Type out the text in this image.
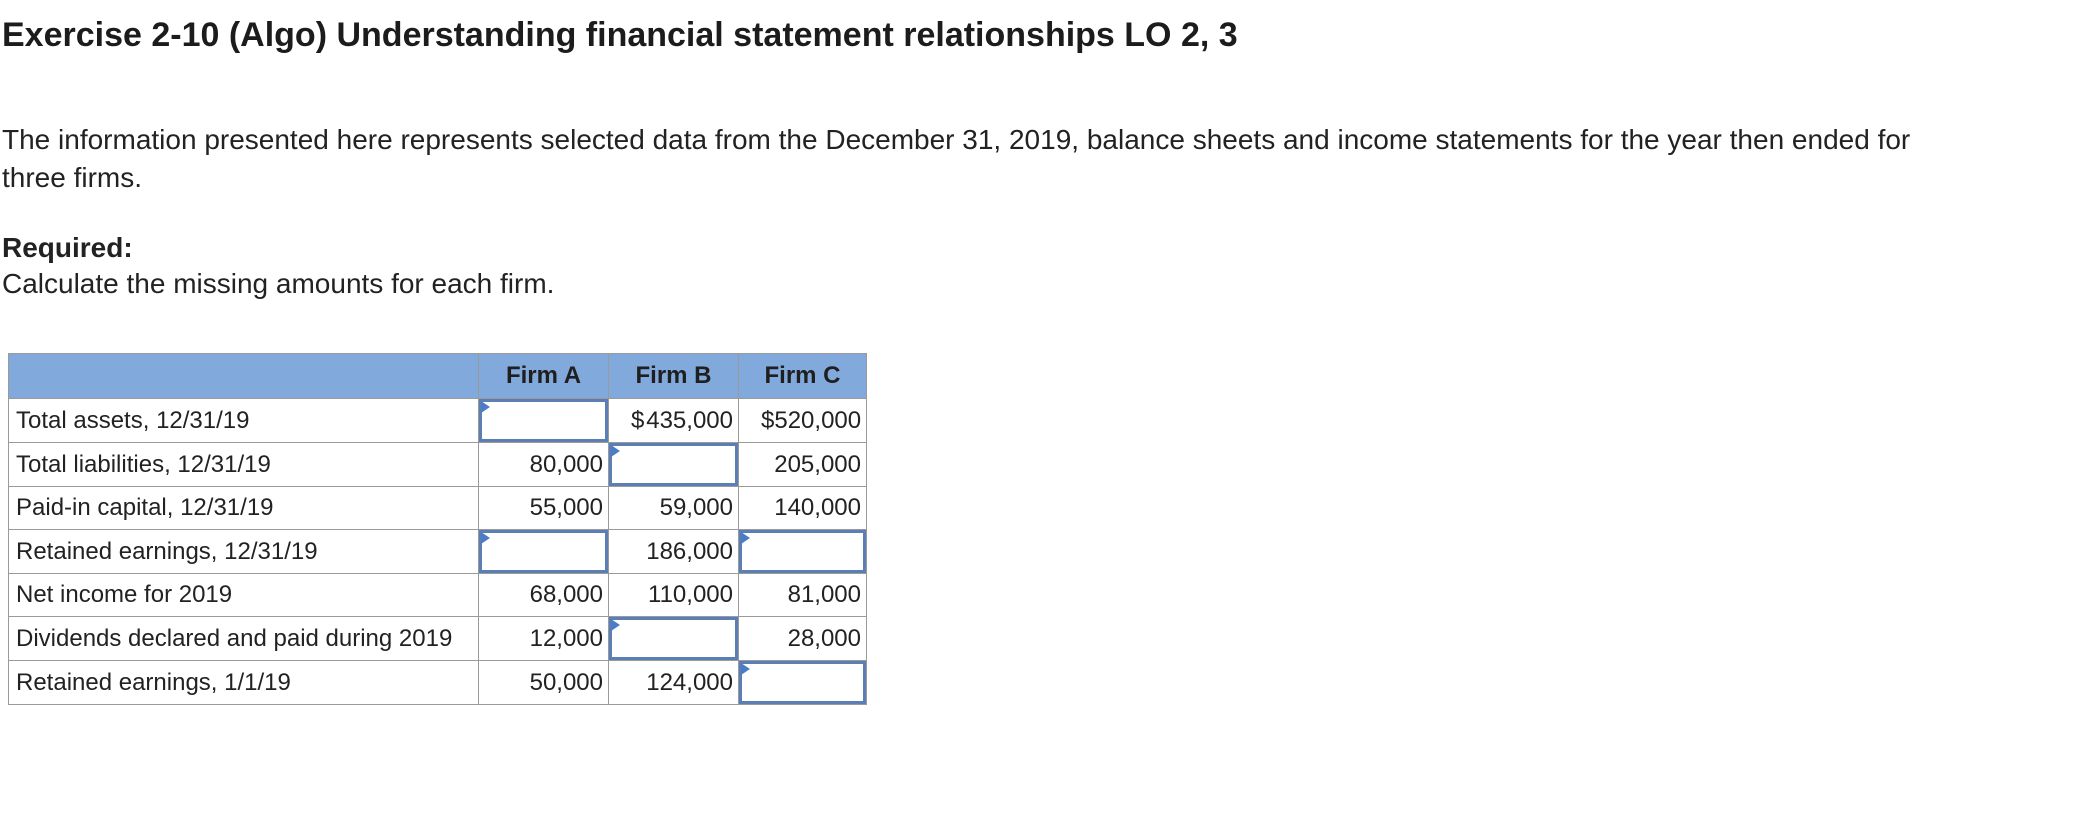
Exercise 2-10 (Algo) Understanding financial statement relationships LO 2, 3
The information presented here represents selected data from the December 31, 2019, balance sheets and income statements for the year then ended for three firms.
Required:
Calculate the missing amounts for each firm.
	Firm A	Firm B	Firm C
Total assets, 12/31/19		$ 435,000	$ 520,000
Total liabilities, 12/31/19	80,000		205,000
Paid-in capital, 12/31/19	55,000	59,000	140,000
Retained earnings, 12/31/19		186,000	

Net income for 2019	68,000	110,000	81,000
Dividends declared and paid during 2019	12,000		28,000
Retained earnings, 1/1/19	50,000	124,000	
